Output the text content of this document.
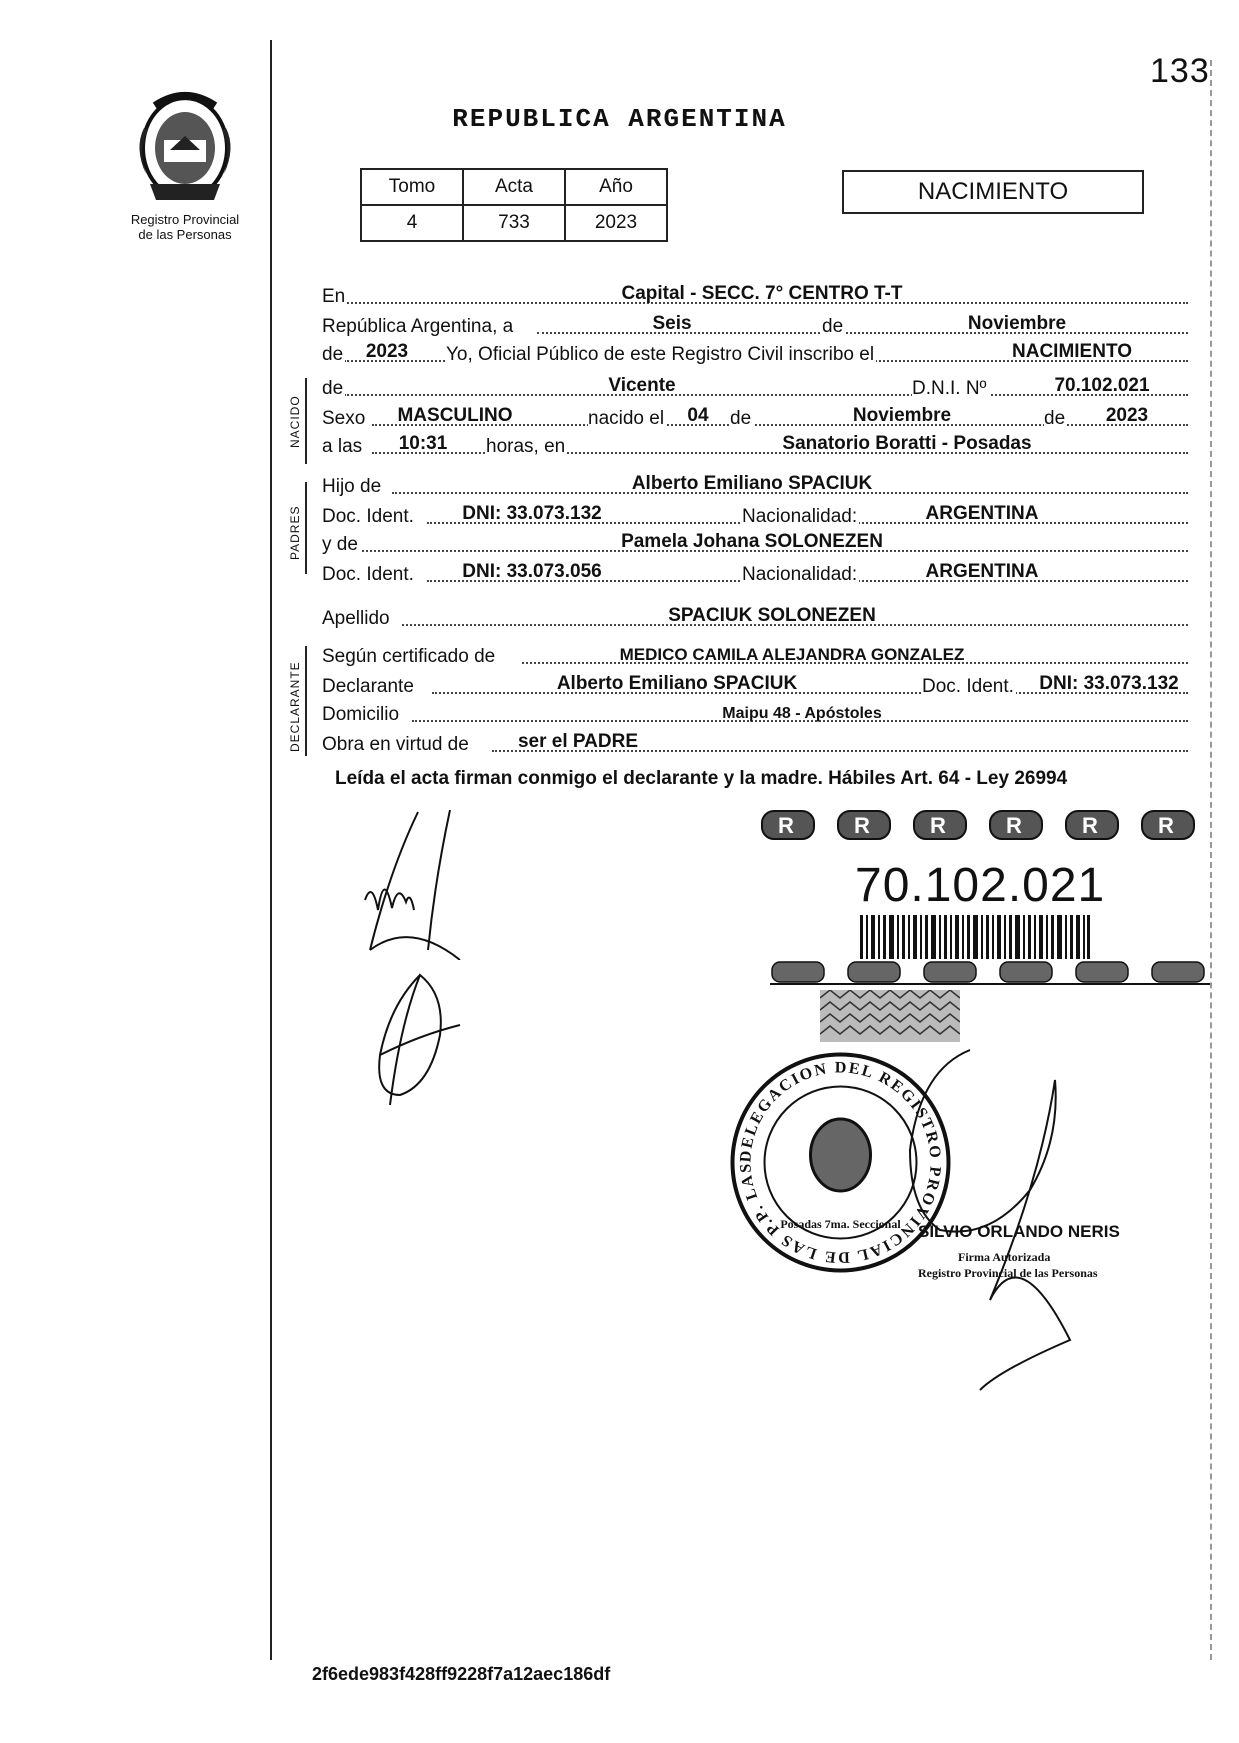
133
Registro Provincial
de las Personas
REPUBLICA ARGENTINA
Tomo	Acta	Año
4	733	2023
NACIMIENTO
En	Capital - SECC. 7° CENTRO T-T
República Argentina, a	Seis	de	Noviembre
de	2023	Yo, Oficial Público de este Registro Civil inscribo el	NACIMIENTO
NACIDO
de	Vicente	D.N.I. Nº	70.102.021
Sexo	MASCULINO	nacido el	04	de	Noviembre	de	2023
a las	10:31	horas, en	Sanatorio Boratti - Posadas
PADRES
Hijo de	Alberto Emiliano SPACIUK
Doc. Ident.	DNI: 33.073.132	Nacionalidad:	ARGENTINA
y de	Pamela Johana SOLONEZEN
Doc. Ident.	DNI: 33.073.056	Nacionalidad:	ARGENTINA
Apellido	SPACIUK SOLONEZEN
DECLARANTE
Según certificado de	MEDICO CAMILA ALEJANDRA GONZALEZ
Declarante	Alberto Emiliano SPACIUK	Doc. Ident.	DNI: 33.073.132
Domicilio	Maipu 48 - Apóstoles
Obra en virtud de	ser el PADRE
Leída el acta firman conmigo el declarante y la madre. Hábiles Art. 64 - Ley 26994
R	R	R	R	R	R
70.102.021
DELEGACION DEL REGISTRO PROVINCIAL DE LAS P.P. LAS
Posadas 7ma. Seccional SILVIO ORLANDO NERIS
Firma Autorizada
Registro Provincial de las Personas
2f6ede983f428ff9228f7a12aec186df
